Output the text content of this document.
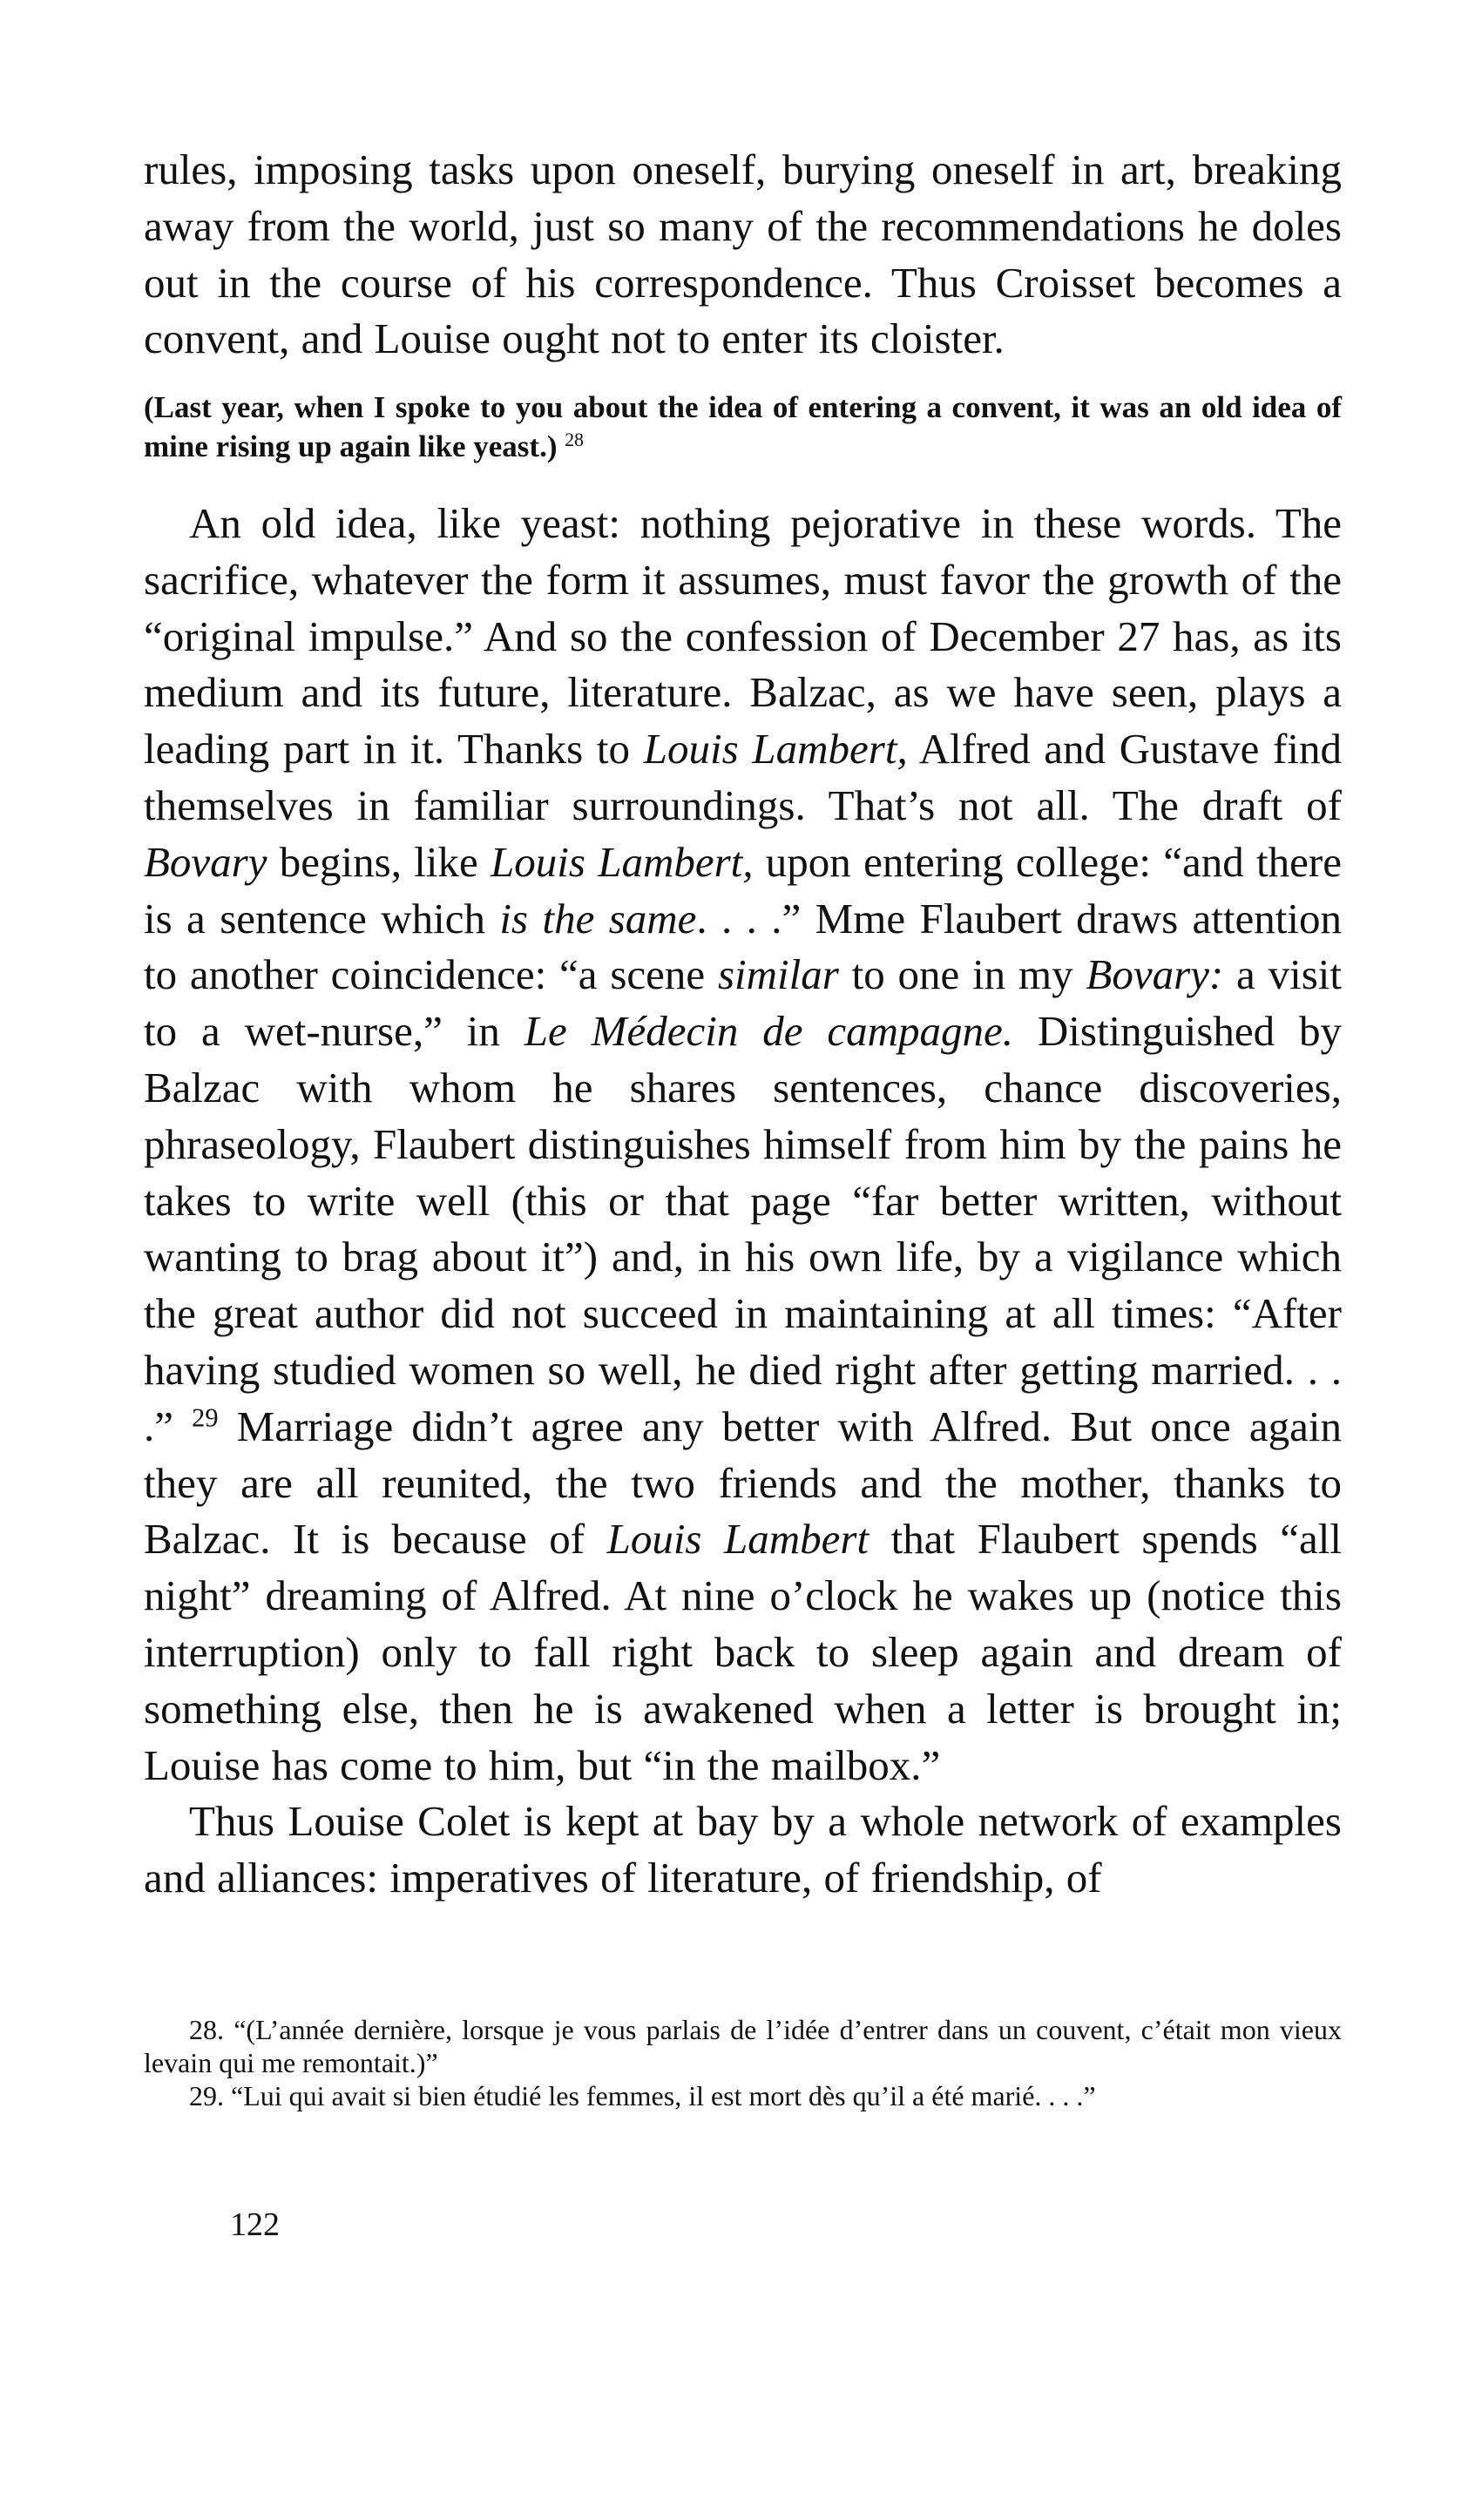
rules, imposing tasks upon oneself, burying oneself in art, breaking away from the world, just so many of the recommendations he doles out in the course of his correspondence. Thus Croisset becomes a convent, and Louise ought not to enter its cloister.

(Last year, when I spoke to you about the idea of entering a convent, it was an old idea of mine rising up again like yeast.) $^{28}$

An old idea, like yeast: nothing pejorative in these words. The sacrifice, whatever the form it assumes, must favor the growth of the “original impulse.” And so the confession of December 27 has, as its medium and its future, literature. Balzac, as we have seen, plays a leading part in it. Thanks to Louis Lambert, Alfred and Gustave find themselves in familiar surroundings. That’s not all. The draft of Bovary begins, like Louis Lambert, upon entering college: “and there is a sentence which is the same. . . .” Mme Flaubert draws attention to another coincidence: “a scene similar to one in my Bovary: a visit to a wet-nurse,” in Le Médecin de campagne. Distinguished by Balzac with whom he shares sentences, chance discoveries, phraseology, Flaubert distinguishes himself from him by the pains he takes to write well (this or that page “far better written, without wanting to brag about it”) and, in his own life, by a vigilance which the great author did not succeed in maintaining at all times: “After having studied women so well, he died right after getting married. . . .” $^{29}$ Marriage didn’t agree any better with Alfred. But once again they are all reunited, the two friends and the mother, thanks to Balzac. It is because of Louis Lambert that Flaubert spends “all night” dreaming of Alfred. At nine o’clock he wakes up (notice this interruption) only to fall right back to sleep again and dream of something else, then he is awakened when a letter is brought in; Louise has come to him, but “in the mailbox.”

Thus Louise Colet is kept at bay by a whole network of examples and alliances: imperatives of literature, of friendship, of

28. “(L’année dernière, lorsque je vous parlais de l’idée d’entrer dans un couvent, c’était mon vieux levain qui me remontait.)”

29. “Lui qui avait si bien étudié les femmes, il est mort dès qu’il a été marié. . . .”

122
